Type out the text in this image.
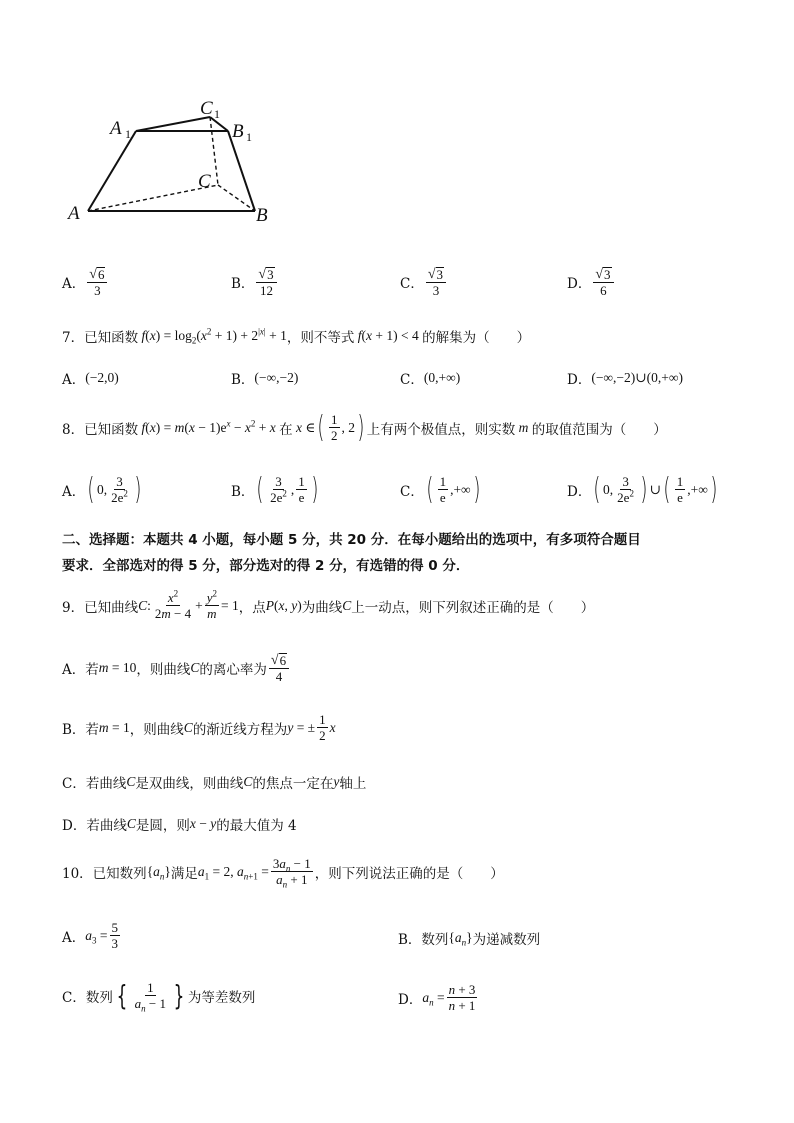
A	B
C
A	B
C
1	1
1
A． $\frac{√ 6}{3}$	B． $\frac{√ 3}{12}$	C． $\frac{√ 3}{3}$	D． $\frac{√ 3}{6}$
7．已知函数 $f(x) = \log_2(x^2 + 1) + 2^{|x|} + 1$ ，则不等式 f(x + 1) < 4 的解集为（　　）
A． (−2,0)	B． (−∞,−2)	C． (0,+∞)	D． (−∞,−2)∪(0,+∞)
8．已知函数 $f(x) = m(x - 1)e^x - x^2 + x$ 在 x ∈ ( $\frac{1}{2}$ , 2 ) 上有两个极值点，则实数 m 的取值范围为（　　）
A． ( 0, $\frac{3}{2e^2}$ )	B． ( $\frac{3}{2e^2}$ , $\frac{1}{e}$ )	C． ( $\frac{1}{e}$ ,+∞ )	D． ( 0, $\frac{3}{2e^2}$ ) ∪ ( $\frac{1}{e}$ ,+∞ )
二、选择题：本题共 4 小题，每小题 5 分，共 20 分．在每小题给出的选项中，有多项符合题目
要求．全部选对的得 5 分，部分选对的得 2 分，有选错的得 0 分．
9．已知曲线 C : $\frac{x^2}{2m - 4} + \frac{y^2}{m} = 1$ ，点 P(x, y) 为曲线 C 上一动点，则下列叙述正确的是（　　）
A．若 m = 10 ，则曲线 C 的离心率为 $\frac{√ 6}{4}$
B．若 m = 1 ，则曲线 C 的渐近线方程为 y = ± $\frac{1}{2}$ x
C．若曲线 C 是双曲线，则曲线 C 的焦点一定在 y 轴上
D．若曲线 C 是圆，则 x − y 的最大值为 4
10．已知数列 $\{a_n\}$ 满足 $a_1 = 2$, $a_{n+1} = \frac{3a_n - 1}{a_n + 1}$ ，则下列说法正确的是（　　）
A． $a_3 = \frac{5}{3}$	B．数列 $\{a_n\}$ 为递减数列
C．数列 { $\frac{1}{a_n - 1}$ } 为等差数列	D． $a_n = \frac{n + 3}{n + 1}$
